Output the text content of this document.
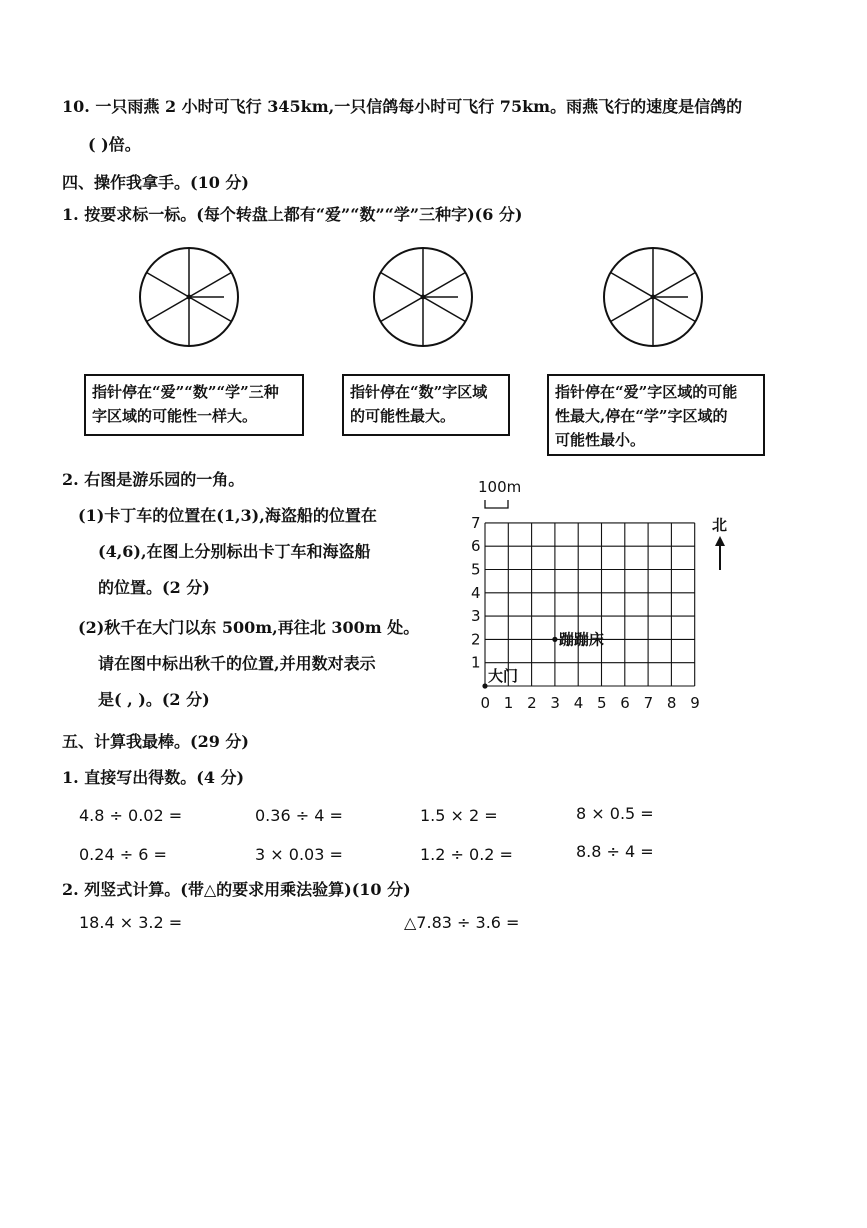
10. 一只雨燕 2 小时可飞行 345km,一只信鸽每小时可飞行 75km。雨燕飞行的速度是信鸽的
( )倍。
四、操作我拿手。(10 分)
1. 按要求标一标。(每个转盘上都有“爱”“数”“学”三种字)(6 分)
指针停在“爱”“数”“学”三种
字区域的可能性一样大。
指针停在“数”字区域
的可能性最大。
指针停在“爱”字区域的可能
性最大,停在“学”字区域的
可能性最小。
2. 右图是游乐园的一角。
(1)卡丁车的位置在(1,3),海盗船的位置在
(4,6),在图上分别标出卡丁车和海盗船
的位置。(2 分)
(2)秋千在大门以东 500m,再往北 300m 处。
请在图中标出秋千的位置,并用数对表示
是( , )。(2 分)	0 1 2 3 4 5 6 7 8 9
1
2
3
4
5
6
7
大门
蹦蹦床
100m
北
五、计算我最棒。(29 分)
1. 直接写出得数。(4 分)
4.8 ÷ 0.02 =	0.36 ÷ 4 =	1.5 × 2 =	8 × 0.5 =
0.24 ÷ 6 =	3 × 0.03 =	1.2 ÷ 0.2 =	8.8 ÷ 4 =
2. 列竖式计算。(带△的要求用乘法验算)(10 分)
18.4 × 3.2 =	△7.83 ÷ 3.6 =
